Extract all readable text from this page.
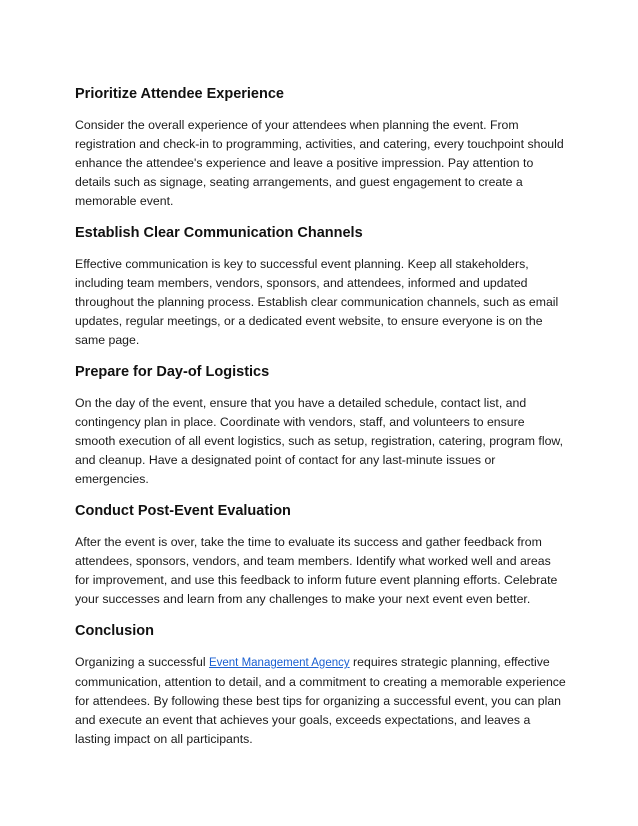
Prioritize Attendee Experience

Consider the overall experience of your attendees when planning the event. From registration and check-in to programming, activities, and catering, every touchpoint should enhance the attendee's experience and leave a positive impression. Pay attention to details such as signage, seating arrangements, and guest engagement to create a memorable event.

Establish Clear Communication Channels

Effective communication is key to successful event planning. Keep all stakeholders, including team members, vendors, sponsors, and attendees, informed and updated throughout the planning process. Establish clear communication channels, such as email updates, regular meetings, or a dedicated event website, to ensure everyone is on the same page.

Prepare for Day-of Logistics

On the day of the event, ensure that you have a detailed schedule, contact list, and contingency plan in place. Coordinate with vendors, staff, and volunteers to ensure smooth execution of all event logistics, such as setup, registration, catering, program flow, and cleanup. Have a designated point of contact for any last-minute issues or emergencies.

Conduct Post-Event Evaluation

After the event is over, take the time to evaluate its success and gather feedback from attendees, sponsors, vendors, and team members. Identify what worked well and areas for improvement, and use this feedback to inform future event planning efforts. Celebrate your successes and learn from any challenges to make your next event even better.

Conclusion

Organizing a successful Event Management Agency requires strategic planning, effective communication, attention to detail, and a commitment to creating a memorable experience for attendees. By following these best tips for organizing a successful event, you can plan and execute an event that achieves your goals, exceeds expectations, and leaves a lasting impact on all participants.
